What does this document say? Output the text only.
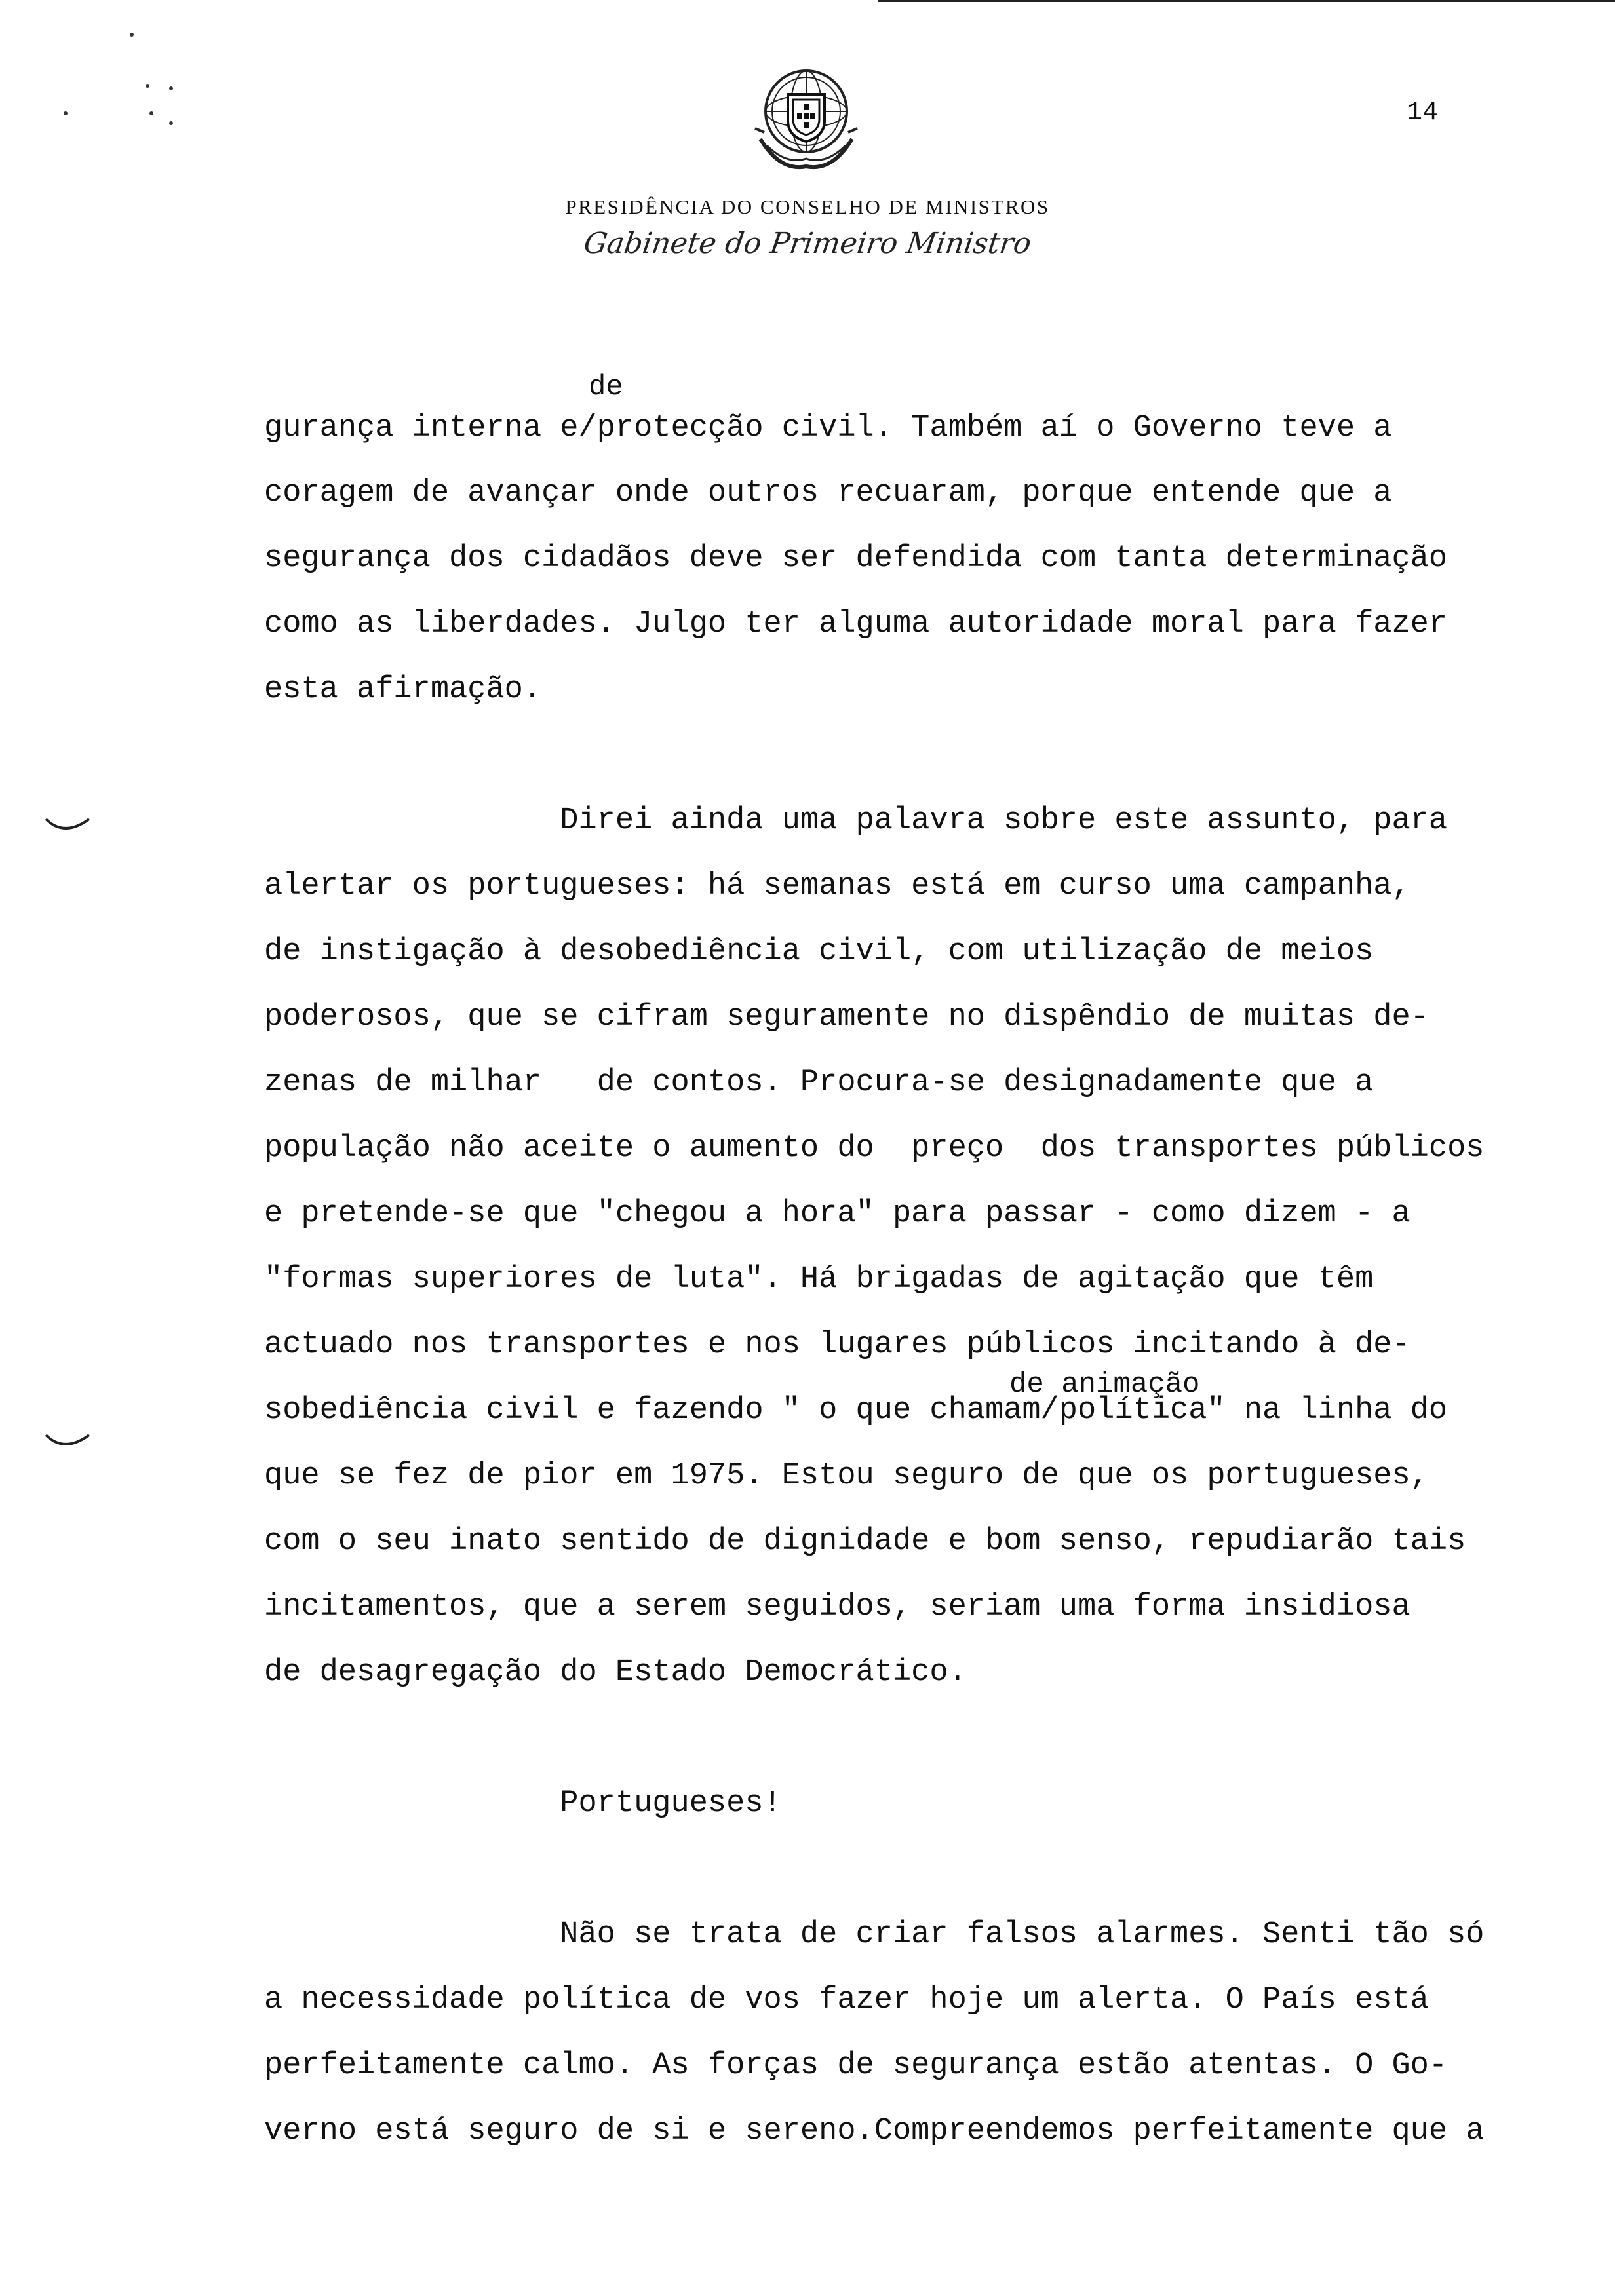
14
PRESIDÊNCIA DO CONSELHO DE MINISTROS
Gabinete do Primeiro Ministro
gurança interna e/protecção civil. Também aí o Governo teve a
coragem de avançar onde outros recuaram, porque entende que a
segurança dos cidadãos deve ser defendida com tanta determinação
como as liberdades. Julgo ter alguma autoridade moral para fazer
esta afirmação.
Direi ainda uma palavra sobre este assunto, para
alertar os portugueses: há semanas está em curso uma campanha,
de instigação à desobediência civil, com utilização de meios
poderosos, que se cifram seguramente no dispêndio de muitas de-
zenas de milhar   de contos. Procura-se designadamente que a
população não aceite o aumento do  preço  dos transportes públicos
e pretende-se que "chegou a hora" para passar - como dizem - a
"formas superiores de luta". Há brigadas de agitação que têm
actuado nos transportes e nos lugares públicos incitando à de-
sobediência civil e fazendo " o que chamam/política" na linha do
que se fez de pior em 1975. Estou seguro de que os portugueses,
com o seu inato sentido de dignidade e bom senso, repudiarão tais
incitamentos, que a serem seguidos, seriam uma forma insidiosa
de desagregação do Estado Democrático.
Portugueses!
Não se trata de criar falsos alarmes. Senti tão só
a necessidade política de vos fazer hoje um alerta. O País está
perfeitamente calmo. As forças de segurança estão atentas. O Go-
verno está seguro de si e sereno.Compreendemos perfeitamente que a
de
de animação
